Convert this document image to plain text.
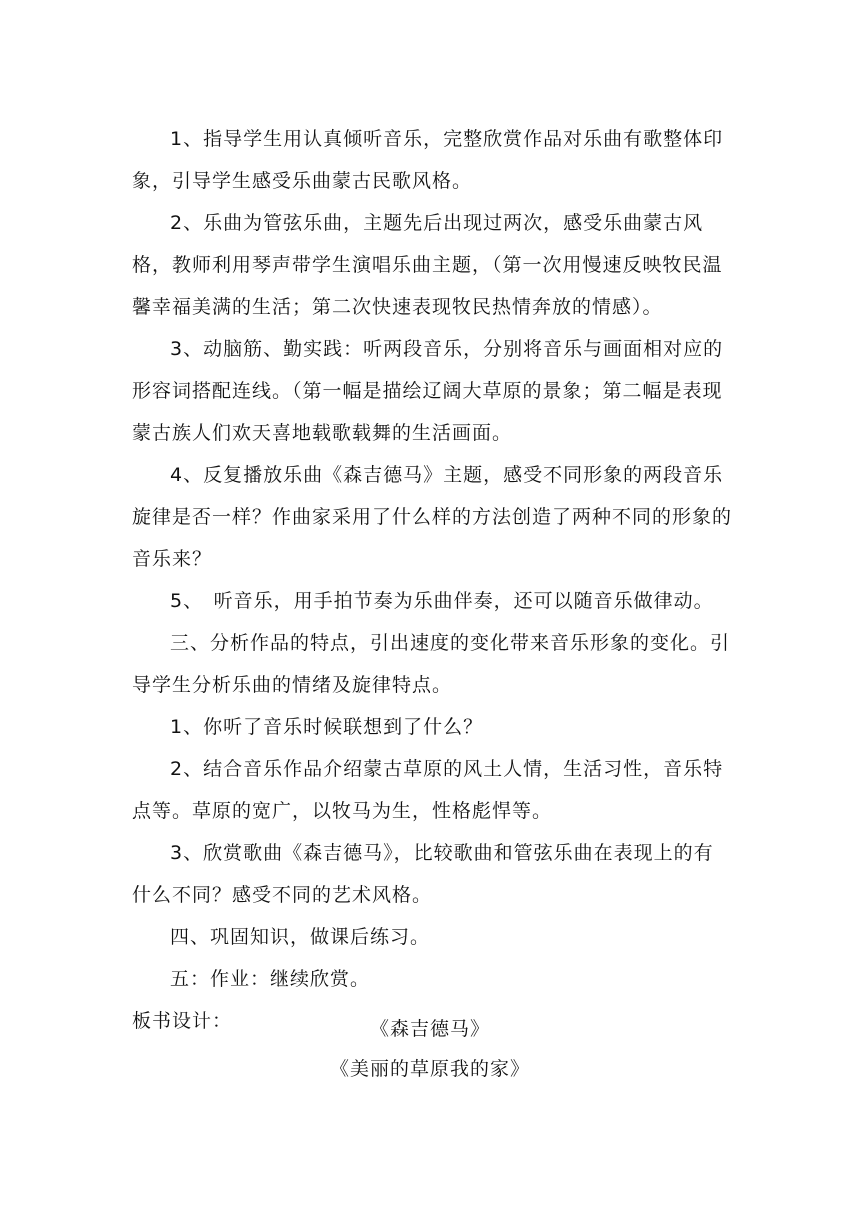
1、指导学生用认真倾听音乐，完整欣赏作品对乐曲有歌整体印象，引导学生感受乐曲蒙古民歌风格。

2、乐曲为管弦乐曲，主题先后出现过两次，感受乐曲蒙古风格，教师利用琴声带学生演唱乐曲主题，（第一次用慢速反映牧民温馨幸福美满的生活；第二次快速表现牧民热情奔放的情感）。

3、动脑筋、勤实践：听两段音乐，分别将音乐与画面相对应的形容词搭配连线。（第一幅是描绘辽阔大草原的景象；第二幅是表现蒙古族人们欢天喜地载歌载舞的生活画面。

4、反复播放乐曲《森吉德马》主题，感受不同形象的两段音乐旋律是否一样？作曲家采用了什么样的方法创造了两种不同的形象的音乐来？

5、　听音乐，用手拍节奏为乐曲伴奏，还可以随音乐做律动。

三、分析作品的特点，引出速度的变化带来音乐形象的变化。引导学生分析乐曲的情绪及旋律特点。

1、你听了音乐时候联想到了什么？

2、结合音乐作品介绍蒙古草原的风土人情，生活习性，音乐特点等。草原的宽广，以牧马为生，性格彪悍等。

3、欣赏歌曲《森吉德马》，比较歌曲和管弦乐曲在表现上的有什么不同？感受不同的艺术风格。

四、巩固知识，做课后练习。

五：作业：继续欣赏。

板书设计：	《森吉德马》

《美丽的草原我的家》
